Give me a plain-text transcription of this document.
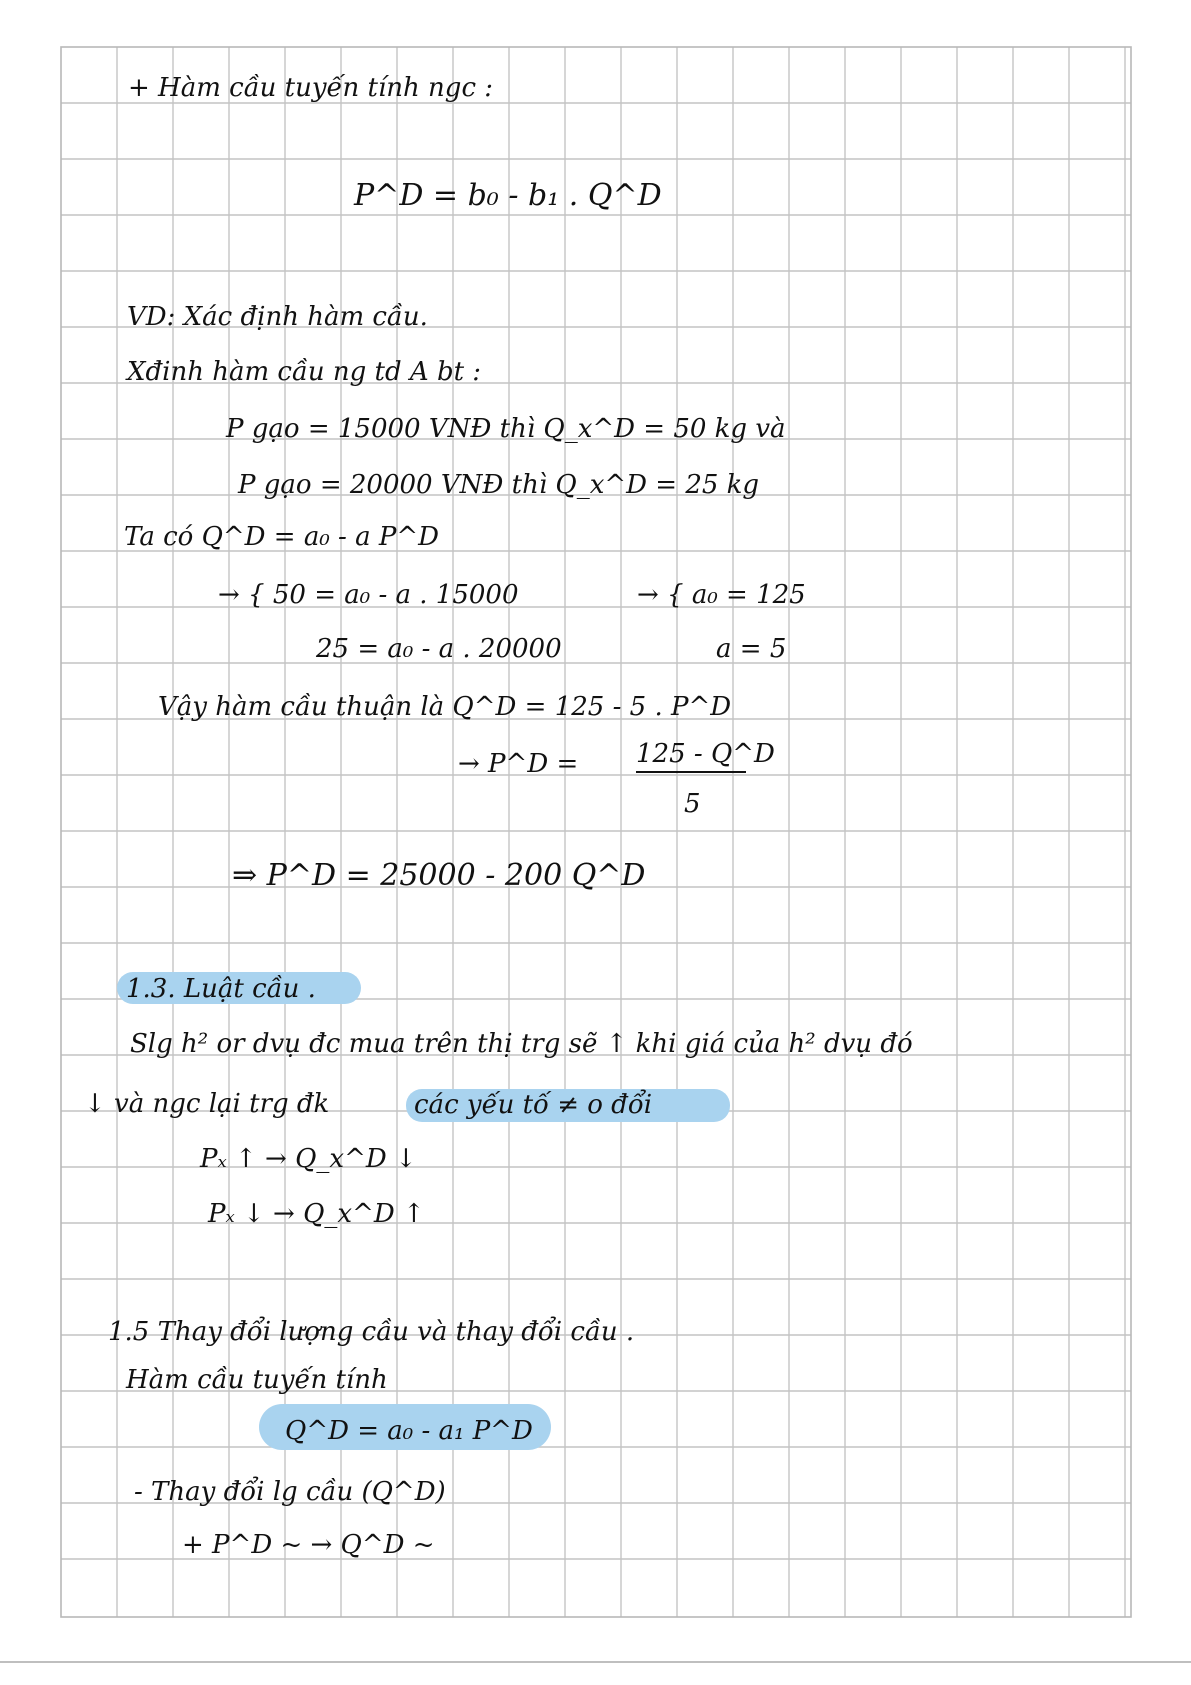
+ Hàm cầu tuyến tính ngc :
P^D = b₀ - b₁ . Q^D
VD: Xác định hàm cầu.
Xđinh hàm cầu ng td A bt :
P gạo = 15000 VNĐ thì Q_x^D = 50 kg và
P gạo = 20000 VNĐ thì Q_x^D = 25 kg
Ta có Q^D = a₀ - a P^D
→ { 50 = a₀ - a . 15000	→ { a₀ = 125
25 = a₀ - a . 20000	a = 5
Vậy hàm cầu thuận là Q^D = 125 - 5 . P^D
→ P^D = 125 - Q^D
5
⇒ P^D = 25000 - 200 Q^D
1.3. Luật cầu .
Slg h² or dvụ đc mua trên thị trg sẽ ↑ khi giá của h² dvụ đó
↓ và ngc lại trg đk	các yếu tố ≠ o đổi
Pₓ ↑ → Q_x^D ↓
Pₓ ↓ → Q_x^D ↑
1.5 Thay đổi lượng cầu và thay đổi cầu .
Hàm cầu tuyến tính
Q^D = a₀ - a₁ P^D
- Thay đổi lg cầu (Q^D)
+ P^D ~ → Q^D ~
